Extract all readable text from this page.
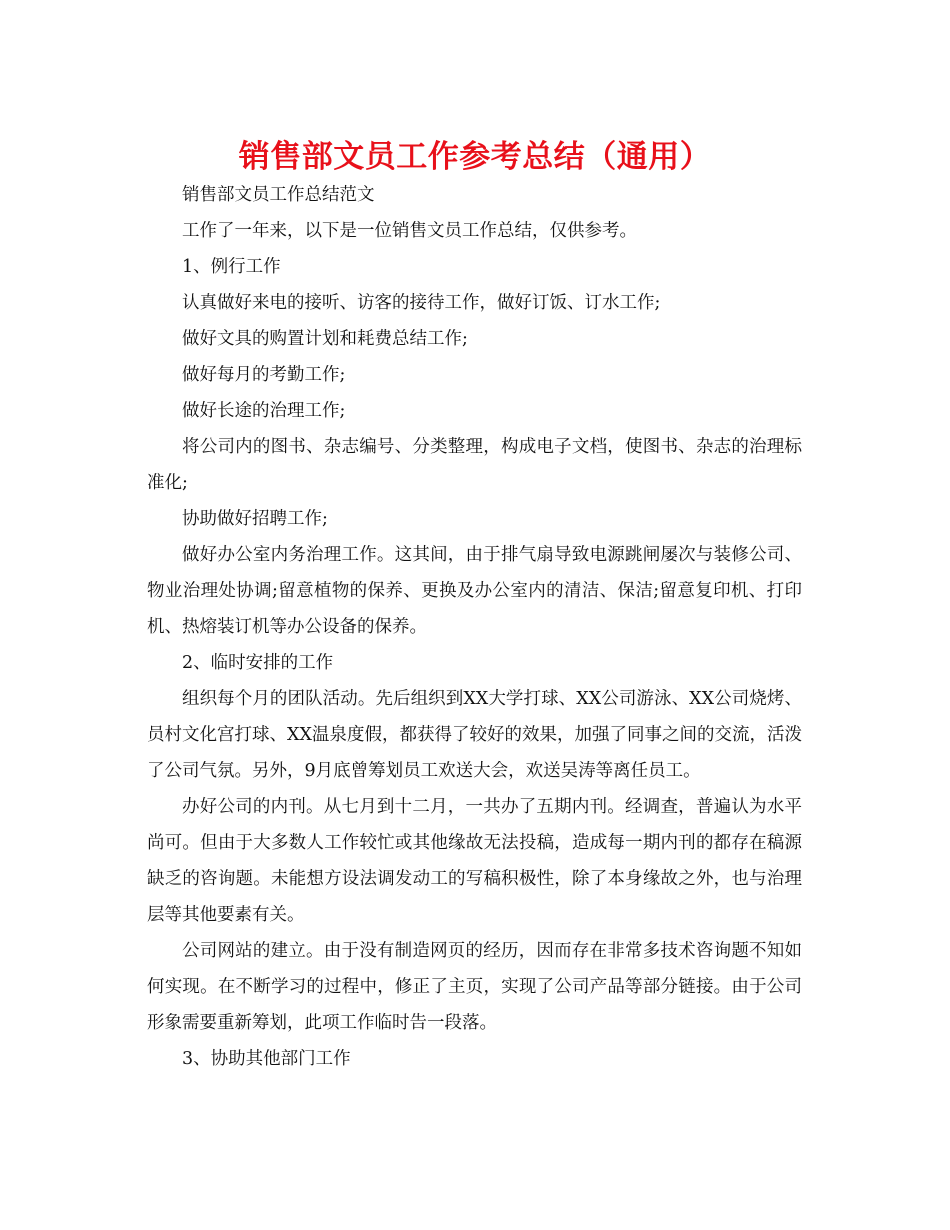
销售部文员工作参考总结（通用）

销售部文员工作总结范文

工作了一年来，以下是一位销售文员工作总结，仅供参考。

1、例行工作

认真做好来电的接听、访客的接待工作，做好订饭、订水工作;

做好文具的购置计划和耗费总结工作;

做好每月的考勤工作;

做好长途的治理工作;

将公司内的图书、杂志编号、分类整理，构成电子文档，使图书、杂志的治理标准化;

协助做好招聘工作;

做好办公室内务治理工作。这其间，由于排气扇导致电源跳闸屡次与装修公司、物业治理处协调;留意植物的保养、更换及办公室内的清洁、保洁;留意复印机、打印机、热熔装订机等办公设备的保养。

2、临时安排的工作

组织每个月的团队活动。先后组织到XX大学打球、XX公司游泳、XX公司烧烤、员村文化宫打球、XX温泉度假，都获得了较好的效果，加强了同事之间的交流，活泼了公司气氛。另外，9月底曾筹划员工欢送大会，欢送吴涛等离任员工。

办好公司的内刊。从七月到十二月，一共办了五期内刊。经调查，普遍认为水平尚可。但由于大多数人工作较忙或其他缘故无法投稿，造成每一期内刊的都存在稿源缺乏的咨询题。未能想方设法调发动工的写稿积极性，除了本身缘故之外，也与治理层等其他要素有关。

公司网站的建立。由于没有制造网页的经历，因而存在非常多技术咨询题不知如何实现。在不断学习的过程中，修正了主页，实现了公司产品等部分链接。由于公司形象需要重新筹划，此项工作临时告一段落。

3、协助其他部门工作
